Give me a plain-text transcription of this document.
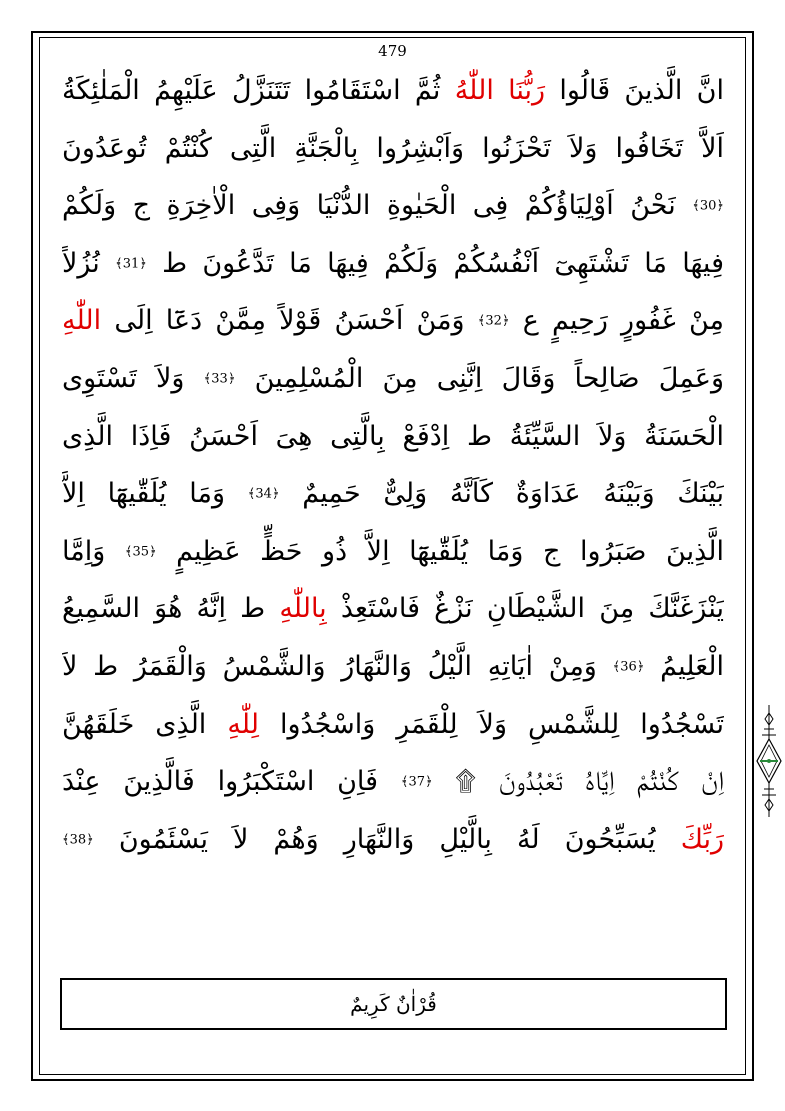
479
انَّ الَّذينَ قَالُوا رَبُّنَا اللّٰهُ ثُمَّ اسْتَقَامُوا تَتَنَزَّلُ عَلَيْهِمُ الْمَلٰئِكَةُ
اَلاَّ تَخَافُوا وَلاَ تَحْزَنُوا وَاَبْشِرُوا بِالْجَنَّةِ الَّتِى كُنْتُمْ تُوعَدُونَ
﴿30﴾ نَحْنُ اَوْلِيَاؤُكُمْ فِى الْحَيٰوةِ الدُّنْيَا وَفِى الْاٰخِرَةِ ج وَلَكُمْ
فِيهَا مَا تَشْتَهِىٓ اَنْفُسُكُمْ وَلَكُمْ فِيهَا مَا تَدَّعُونَ ط ﴿31﴾ نُزُلاً
مِنْ غَفُورٍ رَحِيمٍ ع ﴿32﴾ وَمَنْ اَحْسَنُ قَوْلاً مِمَّنْ دَعَٓا اِلَى اللّٰهِ
وَعَمِلَ صَالِحاً وَقَالَ اِنَّنِى مِنَ الْمُسْلِمِينَ ﴿33﴾ وَلاَ تَسْتَوِى
الْحَسَنَةُ وَلاَ السَّيِّئَةُ ط اِدْفَعْ بِالَّتِى هِىَ اَحْسَنُ فَاِذَا الَّذِى
بَيْنَكَ وَبَيْنَهُ عَدَاوَةٌ كَاَنَّهُ وَلِىٌّ حَمِيمٌ ﴿34﴾ وَمَا يُلَقّٰيهَٓا اِلاَّ
الَّذِينَ صَبَرُوا ج وَمَا يُلَقّٰيهَٓا اِلاَّ ذُو حَظٍّ عَظِيمٍ ﴿35﴾ وَاِمَّا
يَنْزَغَنَّكَ مِنَ الشَّيْطَانِ نَزْغٌ فَاسْتَعِذْ بِاللّٰهِ ط اِنَّهُ هُوَ السَّمِيعُ
الْعَلِيمُ ﴿36﴾ وَمِنْ اٰيَاتِهِ الَّيْلُ وَالنَّهَارُ وَالشَّمْسُ وَالْقَمَرُ ط لاَ
تَسْجُدُوا لِلشَّمْسِ وَلاَ لِلْقَمَرِ وَاسْجُدُوا لِلّٰهِ الَّذِى خَلَقَهُنَّ
اِنْ كُنْتُمْ اِيَّاهُ تَعْبُدُونَ ۩ ﴿37﴾ فَاِنِ اسْتَكْبَرُوا فَالَّذِينَ عِنْدَ
رَبِّكَ يُسَبِّحُونَ لَهُ بِالَّيْلِ وَالنَّهَارِ وَهُمْ لاَ يَسْئَمُونَ ﴿38﴾
قُرْاٰنٌ كَرِيمٌ
